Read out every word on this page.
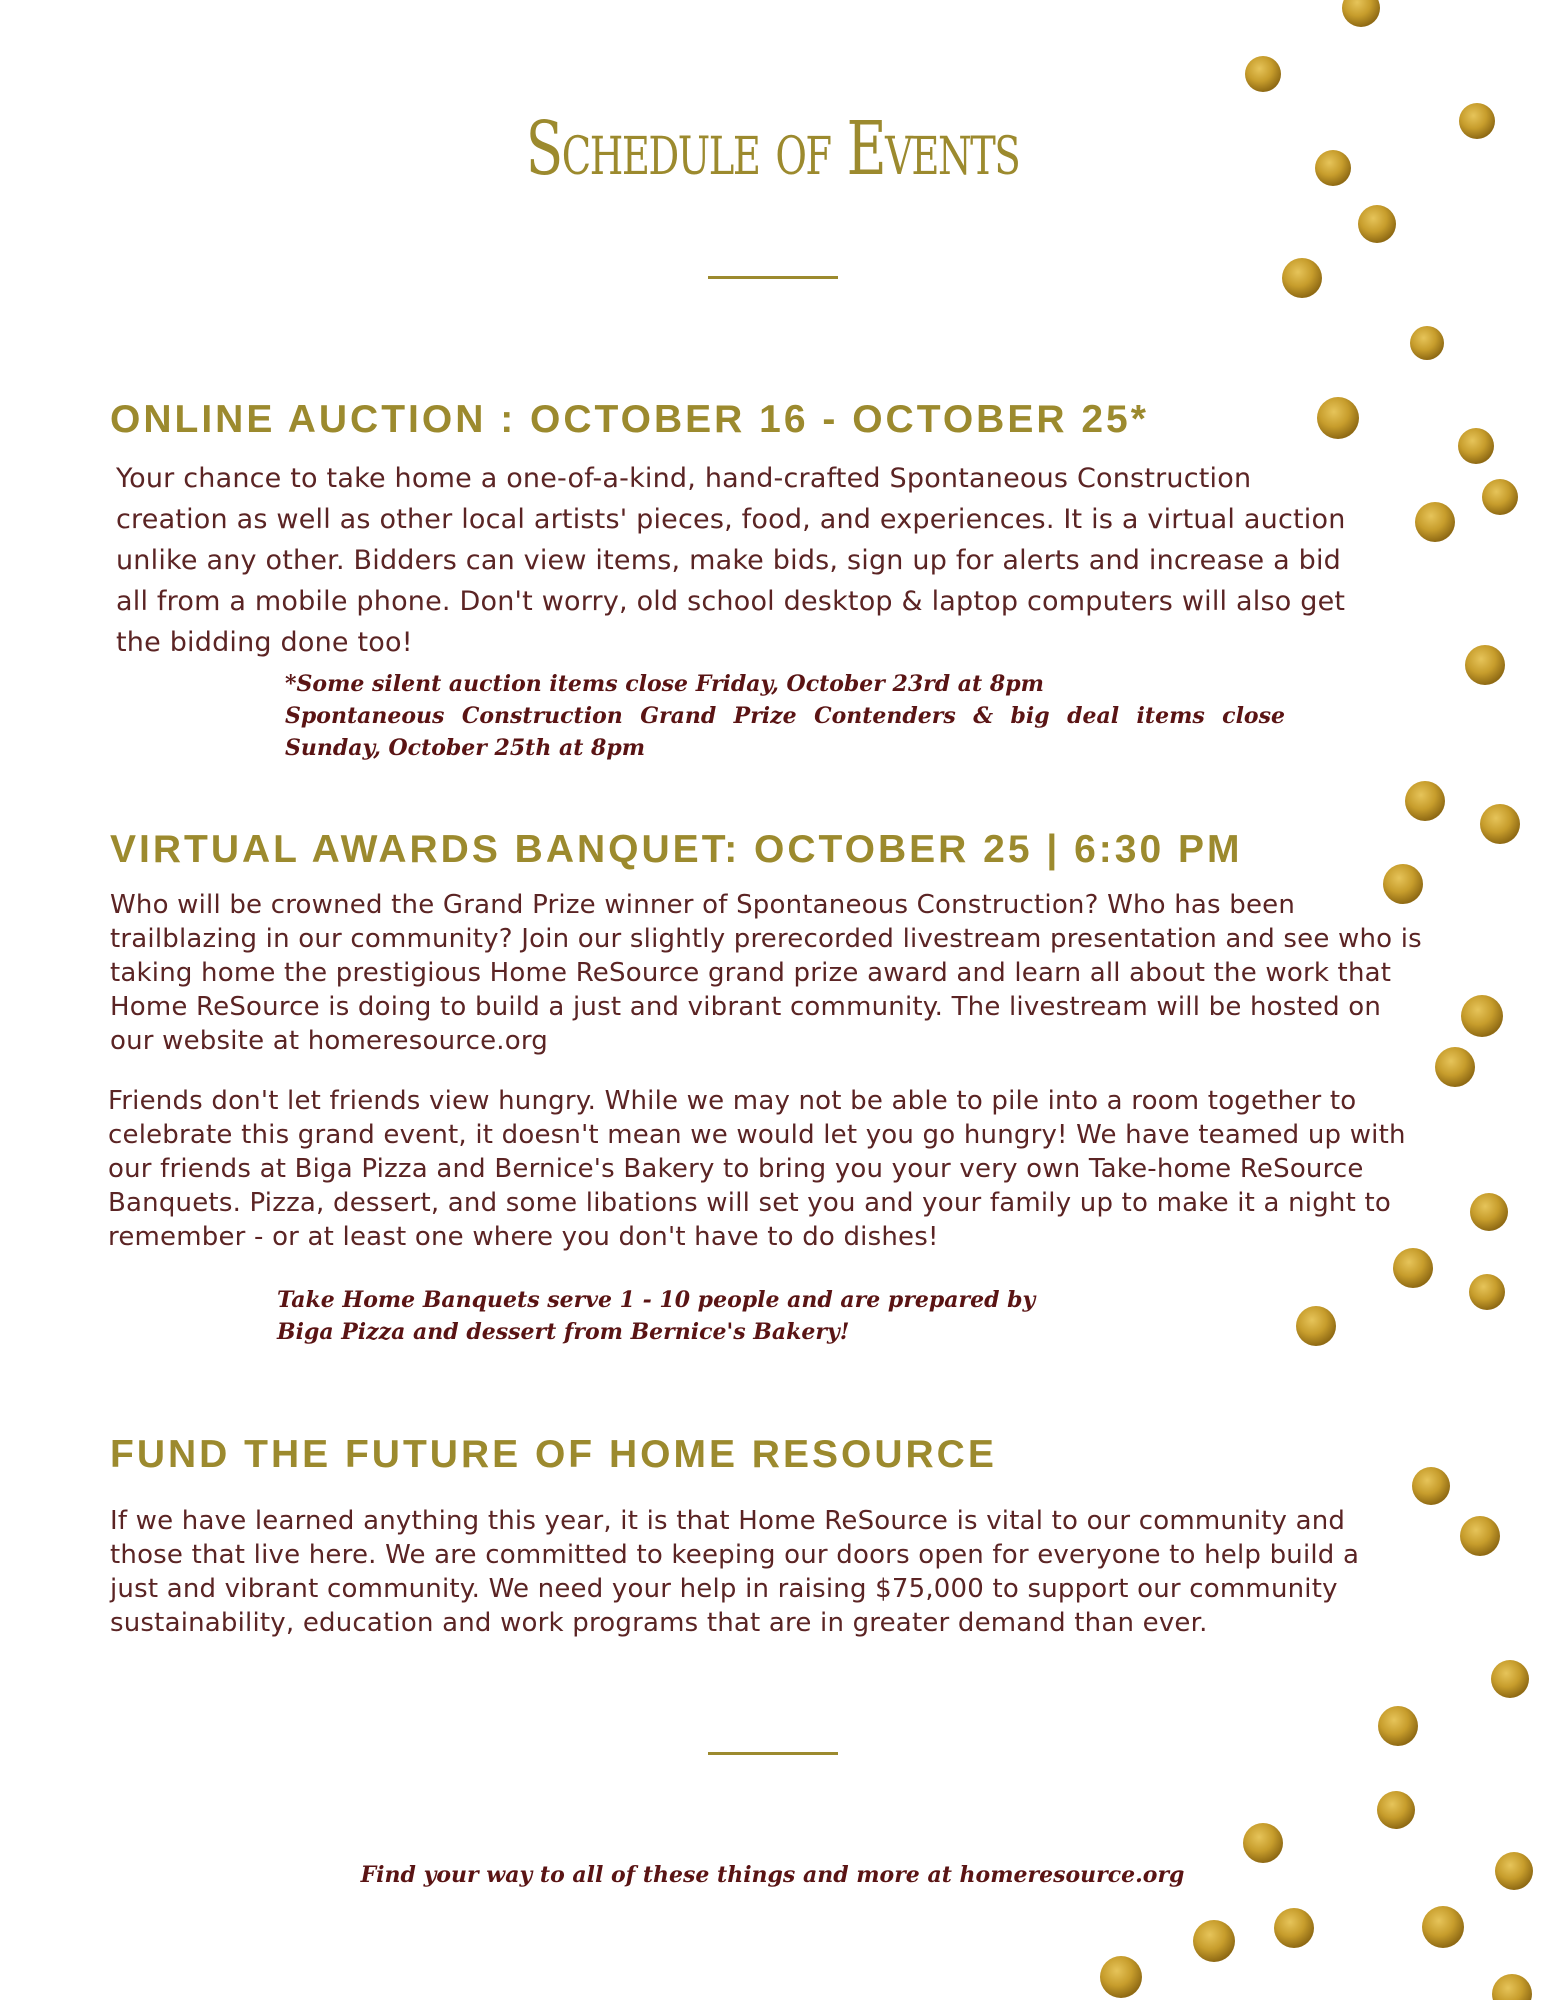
Schedule of Events
ONLINE AUCTION : OCTOBER 16 - OCTOBER 25*

Your chance to take home a one-of-a-kind, hand-crafted Spontaneous Construction creation as well as other local artists' pieces, food, and experiences. It is a virtual auction unlike any other. Bidders can view items, make bids, sign up for alerts and increase a bid all from a mobile phone. Don't worry, old school desktop & laptop computers will also get the bidding done too!

*Some silent auction items close Friday, October 23rd at 8pm

Spontaneous Construction Grand Prize Contenders & big deal items close Sunday, October 25th at 8pm

VIRTUAL AWARDS BANQUET: OCTOBER 25 | 6:30 PM

Who will be crowned the Grand Prize winner of Spontaneous Construction? Who has been trailblazing in our community? Join our slightly prerecorded livestream presentation and see who is taking home the prestigious Home ReSource grand prize award and learn all about the work that Home ReSource is doing to build a just and vibrant community. The livestream will be hosted on our website at homeresource.org

Friends don't let friends view hungry. While we may not be able to pile into a room together to celebrate this grand event, it doesn't mean we would let you go hungry! We have teamed up with our friends at Biga Pizza and Bernice's Bakery to bring you your very own Take-home ReSource Banquets. Pizza, dessert, and some libations will set you and your family up to make it a night to remember - or at least one where you don't have to do dishes!

Take Home Banquets serve 1 - 10 people and are prepared by Biga Pizza and dessert from Bernice's Bakery!

FUND THE FUTURE OF HOME RESOURCE

If we have learned anything this year, it is that Home ReSource is vital to our community and those that live here. We are committed to keeping our doors open for everyone to help build a just and vibrant community. We need your help in raising $75,000 to support our community sustainability, education and work programs that are in greater demand than ever.

Find your way to all of these things and more at homeresource.org
